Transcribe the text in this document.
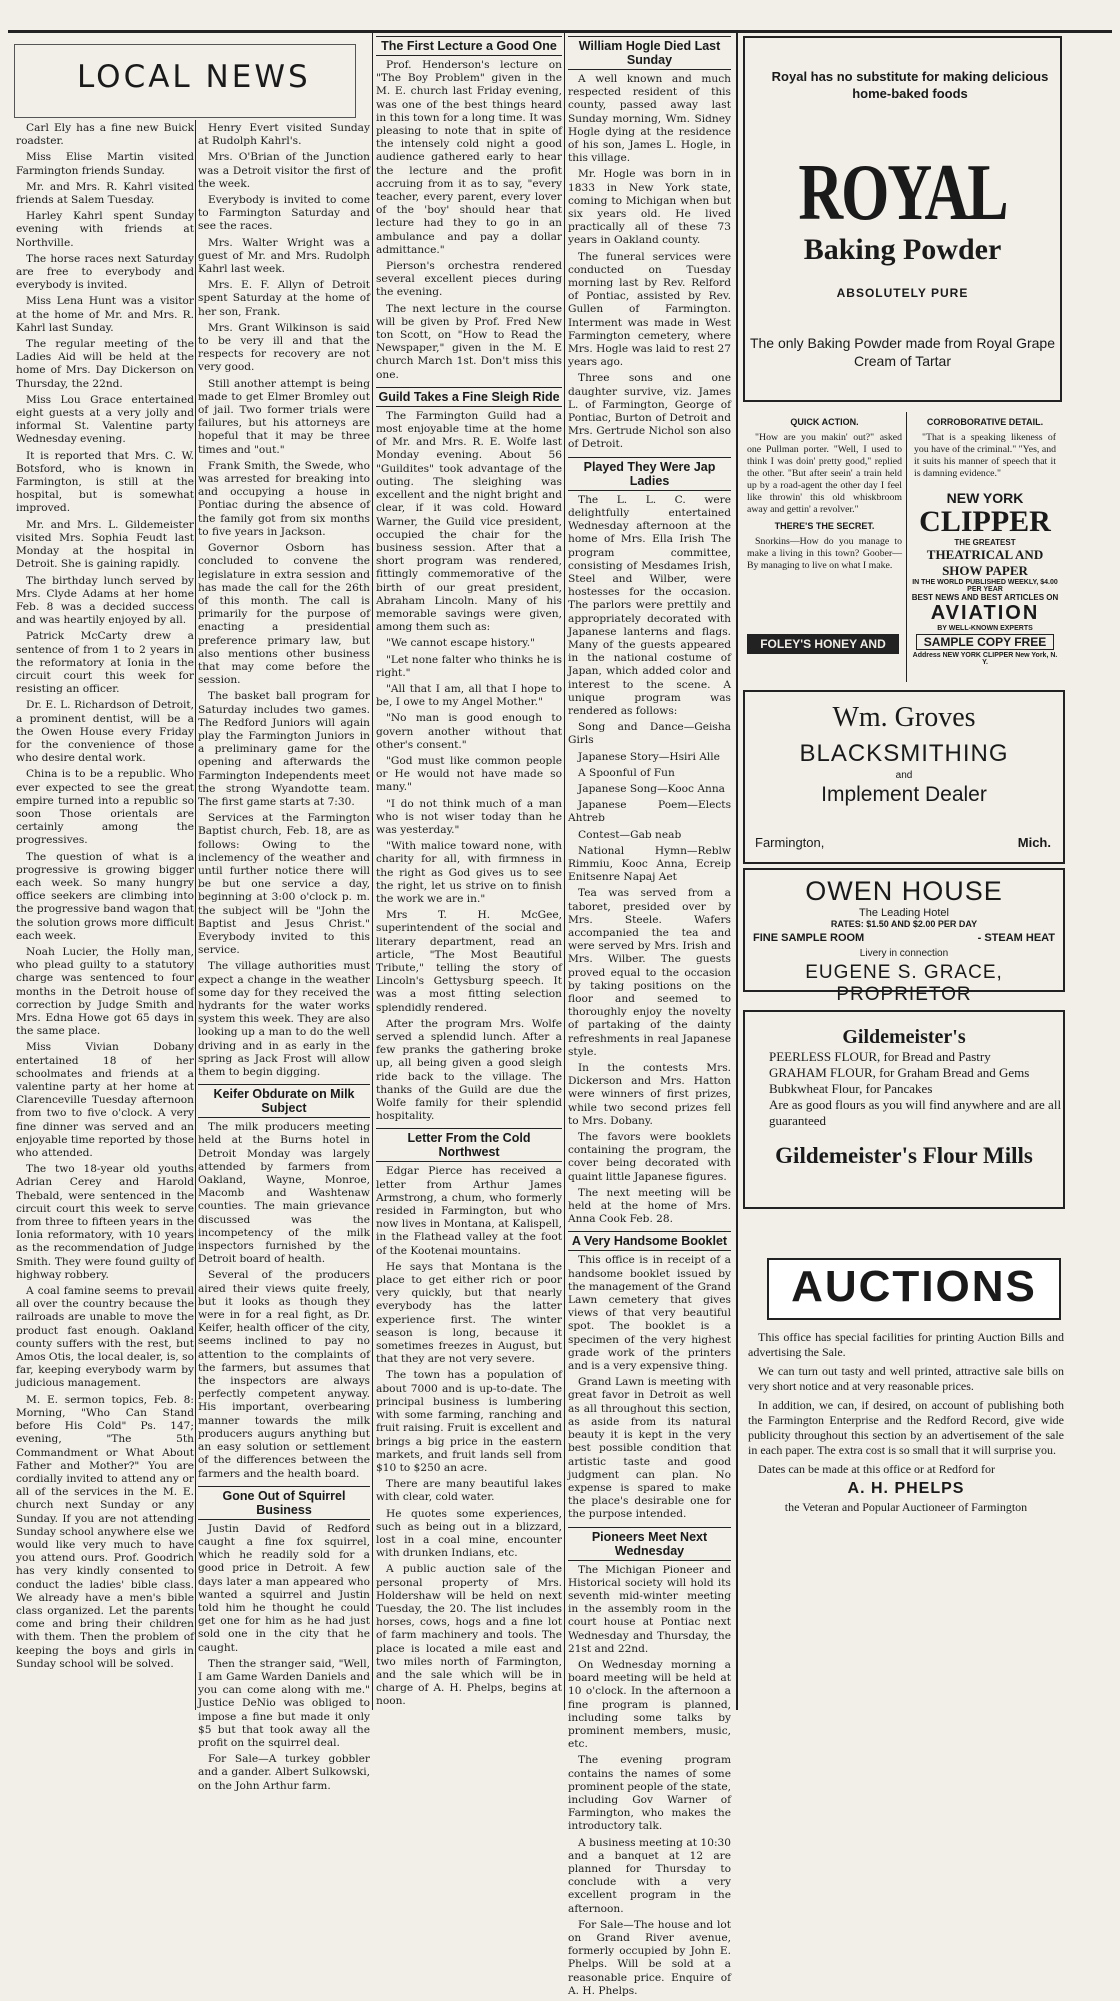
LOCAL NEWS

Carl Ely has a fine new Buick roadster.

Miss Elise Martin visited Farmington friends Sunday.

Mr. and Mrs. R. Kahrl visited friends at Salem Tuesday.

Harley Kahrl spent Sunday evening with friends at Northville.

The horse races next Saturday are free to everybody and everybody is invited.

Miss Lena Hunt was a visitor at the home of Mr. and Mrs. R. Kahrl last Sunday.

The regular meeting of the Ladies Aid will be held at the home of Mrs. Day Dickerson on Thursday, the 22nd.

Miss Lou Grace entertained eight guests at a very jolly and informal St. Valentine party Wednesday evening.

It is reported that Mrs. C. W. Botsford, who is known in Farmington, is still at the hospital, but is somewhat improved.

Mr. and Mrs. L. Gildemeister visited Mrs. Sophia Feudt last Monday at the hospital in Detroit. She is gaining rapidly.

The birthday lunch served by Mrs. Clyde Adams at her home Feb. 8 was a decided success and was heartily enjoyed by all.

Patrick McCarty drew a sentence of from 1 to 2 years in the reformatory at Ionia in the circuit court this week for resisting an officer.

Dr. E. L. Richardson of Detroit, a prominent dentist, will be a the Owen House every Friday for the convenience of those who desire dental work.

China is to be a republic. Who ever expected to see the great empire turned into a republic so soon Those orientals are certainly among the progressives.

The question of what is a progressive is growing bigger each week. So many hungry office seekers are climbing into the progressive band wagon that the solution grows more difficult each week.

Noah Lucier, the Holly man, who plead guilty to a statutory charge was sentenced to four months in the Detroit house of correction by Judge Smith and Mrs. Edna Howe got 65 days in the same place.

Miss Vivian Dobany entertained 18 of her schoolmates and friends at a valentine party at her home at Clarenceville Tuesday afternoon from two to five o'clock. A very fine dinner was served and an enjoyable time reported by those who attended.

The two 18-year old youths Adrian Cerey and Harold Thebald, were sentenced in the circuit court this week to serve from three to fifteen years in the Ionia reformatory, with 10 years as the recommendation of Judge Smith. They were found guilty of highway robbery.

A coal famine seems to prevail all over the country because the railroads are unable to move the product fast enough. Oakland county suffers with the rest, but Amos Otis, the local dealer, is, so far, keeping everybody warm by judicious management.

M. E. sermon topics, Feb. 8: Morning, "Who Can Stand before His Cold" Ps. 147; evening, "The 5th Commandment or What About Father and Mother?" You are cordially invited to attend any or all of the services in the M. E. church next Sunday or any Sunday. If you are not attending Sunday school anywhere else we would like very much to have you attend ours. Prof. Goodrich has very kindly consented to conduct the ladies' bible class. We already have a men's bible class organized. Let the parents come and bring their children with them. Then the problem of keeping the boys and girls in Sunday school will be solved.

Henry Evert visited Sunday at Rudolph Kahrl's.

Mrs. O'Brian of the Junction was a Detroit visitor the first of the week.

Everybody is invited to come to Farmington Saturday and see the races.

Mrs. Walter Wright was a guest of Mr. and Mrs. Rudolph Kahrl last week.

Mrs. E. F. Allyn of Detroit spent Saturday at the home of her son, Frank.

Mrs. Grant Wilkinson is said to be very ill and that the respects for recovery are not very good.

Still another attempt is being made to get Elmer Bromley out of jail. Two former trials were failures, but his attorneys are hopeful that it may be three times and "out."

Frank Smith, the Swede, who was arrested for breaking into and occupying a house in Pontiac during the absence of the family got from six months to five years in Jackson.

Governor Osborn has concluded to convene the legislature in extra session and has made the call for the 26th of this month. The call is primarily for the purpose of enacting a presidential preference primary law, but also mentions other business that may come before the session.

The basket ball program for Saturday includes two games. The Redford Juniors will again play the Farmington Juniors in a preliminary game for the opening and afterwards the Farmington Independents meet the strong Wyandotte team. The first game starts at 7:30.

Services at the Farmington Baptist church, Feb. 18, are as follows: Owing to the inclemency of the weather and until further notice there will be but one service a day, beginning at 3:00 o'clock p. m. the subject will be "John the Baptist and Jesus Christ." Everybody invited to this service.

The village authorities must expect a change in the weather some day for they received the hydrants for the water works system this week. They are also looking up a man to do the well driving and in as early in the spring as Jack Frost will allow them to begin digging.

Keifer Obdurate on Milk Subject

The milk producers meeting held at the Burns hotel in Detroit Monday was largely attended by farmers from Oakland, Wayne, Monroe, Macomb and Washtenaw counties. The main grievance discussed was the incompetency of the milk inspectors furnished by the Detroit board of health.

Several of the producers aired their views quite freely, but it looks as though they were in for a real fight, as Dr. Keifer, health officer of the city, seems inclined to pay no attention to the complaints of the farmers, but assumes that the inspectors are always perfectly competent anyway. His important, overbearing manner towards the milk producers augurs anything but an easy solution or settlement of the differences between the farmers and the health board.

Gone Out of Squirrel Business

Justin David of Redford caught a fine fox squirrel, which he readily sold for a good price in Detroit. A few days later a man appeared who wanted a squirrel and Justin told him he thought he could get one for him as he had just sold one in the city that he caught.

Then the stranger said, "Well, I am Game Warden Daniels and you can come along with me." Justice DeNio was obliged to impose a fine but made it only $5 but that took away all the profit on the squirrel deal.

For Sale—A turkey gobbler and a gander. Albert Sulkowski, on the John Arthur farm.

The First Lecture a Good One

Prof. Henderson's lecture on "The Boy Problem" given in the M. E. church last Friday evening, was one of the best things heard in this town for a long time. It was pleasing to note that in spite of the intensely cold night a good audience gathered early to hear the lecture and the profit accruing from it as to say, "every teacher, every parent, every lover of the 'boy' should hear that lecture had they to go in an ambulance and pay a dollar admittance."

Pierson's orchestra rendered several excellent pieces during the evening.

The next lecture in the course will be given by Prof. Fred New ton Scott, on "How to Read the Newspaper," given in the M. E church March 1st. Don't miss this one.

Guild Takes a Fine Sleigh Ride

The Farmington Guild had a most enjoyable time at the home of Mr. and Mrs. R. E. Wolfe last Monday evening. About 56 "Guildites" took advantage of the outing. The sleighing was excellent and the night bright and clear, if it was cold. Howard Warner, the Guild vice president, occupied the chair for the business session. After that a short program was rendered, fittingly commemorative of the birth of our great president, Abraham Lincoln. Many of his memorable savings were given, among them such as:

"We cannot escape history."

"Let none falter who thinks he is right."

"All that I am, all that I hope to be, I owe to my Angel Mother."

"No man is good enough to govern another without that other's consent."

"God must like common people or He would not have made so many."

"I do not think much of a man who is not wiser today than he was yesterday."

"With malice toward none, with charity for all, with firmness in the right as God gives us to see the right, let us strive on to finish the work we are in."

Mrs T. H. McGee, superintendent of the social and literary department, read an article, "The Most Beautiful Tribute," telling the story of Lincoln's Gettysburg speech. It was a most fitting selection splendidly rendered.

After the program Mrs. Wolfe served a splendid lunch. After a few pranks the gathering broke up, all being given a good sleigh ride back to the village. The thanks of the Guild are due the Wolfe family for their splendid hospitality.

Letter From the Cold Northwest

Edgar Pierce has received a letter from Arthur James Armstrong, a chum, who formerly resided in Farmington, but who now lives in Montana, at Kalispell, in the Flathead valley at the foot of the Kootenai mountains.

He says that Montana is the place to get either rich or poor very quickly, but that nearly everybody has the latter experience first. The winter season is long, because it sometimes freezes in August, but that they are not very severe.

The town has a population of about 7000 and is up-to-date. The principal business is lumbering with some farming, ranching and fruit raising. Fruit is excellent and brings a big price in the eastern markets, and fruit lands sell from $10 to $250 an acre.

There are many beautiful lakes with clear, cold water.

He quotes some experiences, such as being out in a blizzard, lost in a coal mine, encounter with drunken Indians, etc.

A public auction sale of the personal property of Mrs. Holdershaw will be held on next Tuesday, the 20. The list includes horses, cows, hogs and a fine lot of farm machinery and tools. The place is located a mile east and two miles north of Farmington, and the sale which will be in charge of A. H. Phelps, begins at noon.

William Hogle Died Last Sunday

A well known and much respected resident of this county, passed away last Sunday morning, Wm. Sidney Hogle dying at the residence of his son, James L. Hogle, in this village.

Mr. Hogle was born in in 1833 in New York state, coming to Michigan when but six years old. He lived practically all of these 73 years in Oakland county.

The funeral services were conducted on Tuesday morning last by Rev. Relford of Pontiac, assisted by Rev. Gullen of Farmington. Interment was made in West Farmington cemetery, where Mrs. Hogle was laid to rest 27 years ago.

Three sons and one daughter survive, viz. James L. of Farmington, George of Pontiac, Burton of Detroit and Mrs. Gertrude Nichol son also of Detroit.

Played They Were Jap Ladies

The L. L. C. were delightfully entertained Wednesday afternoon at the home of Mrs. Ella Irish The program committee, consisting of Mesdames Irish, Steel and Wilber, were hostesses for the occasion. The parlors were prettily and appropriately decorated with Japanese lanterns and flags. Many of the guests appeared in the national costume of Japan, which added color and interest to the scene. A unique program was rendered as follows:

Song and Dance—Geisha Girls

Japanese Story—Hsiri Alle

A Spoonful of Fun

Japanese Song—Kooc Anna

Japanese Poem—Elects Ahtreb

Contest—Gab neab

National Hymn—Reblw Rimmiu, Kooc Anna, Ecreip Enitsenre Napaj Aet

Tea was served from a taboret, presided over by Mrs. Steele. Wafers accompanied the tea and were served by Mrs. Irish and Mrs. Wilber. The guests proved equal to the occasion by taking positions on the floor and seemed to thoroughly enjoy the novelty of partaking of the dainty refreshments in real Japanese style.

In the contests Mrs. Dickerson and Mrs. Hatton were winners of first prizes, while two second prizes fell to Mrs. Dobany.

The favors were booklets containing the program, the cover being decorated with quaint little Japanese figures.

The next meeting will be held at the home of Mrs. Anna Cook Feb. 28.

A Very Handsome Booklet

This office is in receipt of a handsome booklet issued by the management of the Grand Lawn cemetery that gives views of that very beautiful spot. The booklet is a specimen of the very highest grade work of the printers and is a very expensive thing.

Grand Lawn is meeting with great favor in Detroit as well as all throughout this section, as aside from its natural beauty it is kept in the very best possible condition that artistic taste and good judgment can plan. No expense is spared to make the place's desirable one for the purpose intended.

Pioneers Meet Next Wednesday

The Michigan Pioneer and Historical society will hold its seventh mid-winter meeting in the assembly room in the court house at Pontiac next Wednesday and Thursday, the 21st and 22nd.

On Wednesday morning a board meeting will be held at 10 o'clock. In the afternoon a fine program is planned, including some talks by prominent members, music, etc.

The evening program contains the names of some prominent people of the state, including Gov Warner of Farmington, who makes the introductory talk.

A business meeting at 10:30 and a banquet at 12 are planned for Thursday to conclude with a very excellent program in the afternoon.

For Sale—The house and lot on Grand River avenue, formerly occupied by John E. Phelps. Will be sold at a reasonable price. Enquire of A. H. Phelps.

Royal has no substitute for making delicious home-baked foods
ROYAL
Baking Powder
ABSOLUTELY PURE
The only Baking Powder made from Royal Grape Cream of Tartar
QUICK ACTION.

"How are you makin' out?" asked one Pullman porter. "Well, I used to think I was doin' pretty good," replied the other. "But after seein' a train held up by a road-agent the other day I feel like throwin' this old whiskbroom away and gettin' a revolver."

THERE'S THE SECRET.

Snorkins—How do you manage to make a living in this town? Goober—By managing to live on what I make.

FOLEY'S HONEY AND TAR
CORROBORATIVE DETAIL.

"That is a speaking likeness of you have of the criminal." "Yes, and it suits his manner of speech that it is damning evidence."

NEW YORK
CLIPPER
THE GREATEST
THEATRICAL AND SHOW PAPER
IN THE WORLD PUBLISHED WEEKLY, $4.00 PER YEAR
BEST NEWS AND BEST ARTICLES ON
AVIATION
BY WELL-KNOWN EXPERTS
SAMPLE COPY FREE
Address NEW YORK CLIPPER New York, N. Y.
Wm. Groves
BLACKSMITHING
and
Implement Dealer
Farmington,	Mich.
OWEN HOUSE
The Leading Hotel
RATES: $1.50 AND $2.00 PER DAY
FINE SAMPLE ROOM	- STEAM HEAT
Livery in connection
EUGENE S. GRACE, PROPRIETOR
Gildemeister's
PEERLESS FLOUR, for Bread and Pastry
GRAHAM FLOUR, for Graham Bread and Gems
Bubkwheat Flour, for Pancakes
Are as good flours as you will find anywhere and are all guaranteed
Gildemeister's Flour Mills
AUCTIONS

This office has special facilities for printing Auction Bills and advertising the Sale.

We can turn out tasty and well printed, attractive sale bills on very short notice and at very reasonable prices.

In addition, we can, if desired, on account of publishing both the Farmington Enterprise and the Redford Record, give wide publicity throughout this section by an advertisement of the sale in each paper. The extra cost is so small that it will surprise you.

Dates can be made at this office or at Redford for

A. H. PHELPS

the Veteran and Popular Auctioneer of Farmington
